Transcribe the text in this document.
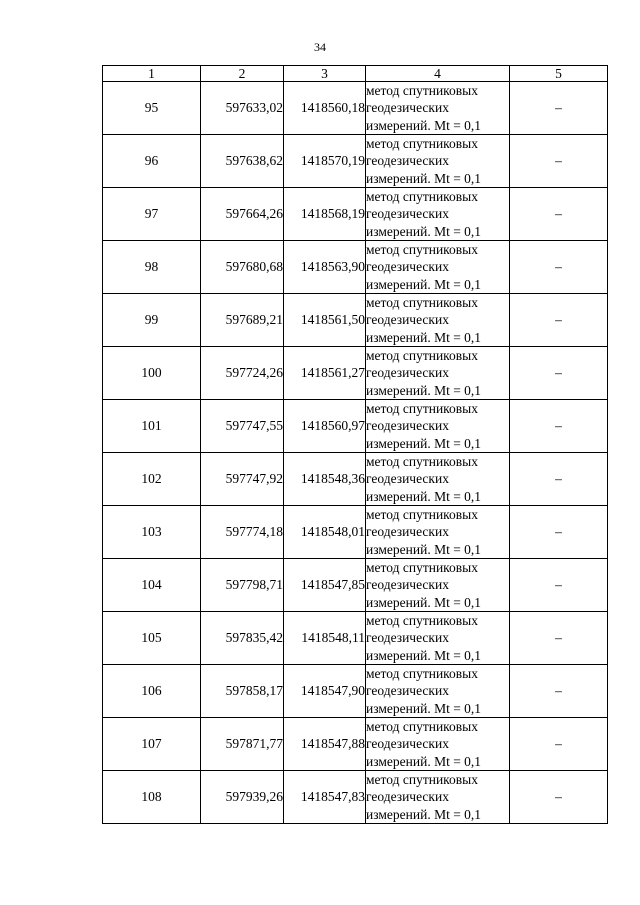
34
1	2	3	4	5
95	597633,02	1418560,18	метод спутниковых
геодезических
измерений. Mt = 0,1	–
96	597638,62	1418570,19	метод спутниковых
геодезических
измерений. Mt = 0,1	–
97	597664,26	1418568,19	метод спутниковых
геодезических
измерений. Mt = 0,1	–
98	597680,68	1418563,90	метод спутниковых
геодезических
измерений. Mt = 0,1	–
99	597689,21	1418561,50	метод спутниковых
геодезических
измерений. Mt = 0,1	–
100	597724,26	1418561,27	метод спутниковых
геодезических
измерений. Mt = 0,1	–
101	597747,55	1418560,97	метод спутниковых
геодезических
измерений. Mt = 0,1	–
102	597747,92	1418548,36	метод спутниковых
геодезических
измерений. Mt = 0,1	–
103	597774,18	1418548,01	метод спутниковых
геодезических
измерений. Mt = 0,1	–
104	597798,71	1418547,85	метод спутниковых
геодезических
измерений. Mt = 0,1	–
105	597835,42	1418548,11	метод спутниковых
геодезических
измерений. Mt = 0,1	–
106	597858,17	1418547,90	метод спутниковых
геодезических
измерений. Mt = 0,1	–
107	597871,77	1418547,88	метод спутниковых
геодезических
измерений. Mt = 0,1	–
108	597939,26	1418547,83	метод спутниковых
геодезических
измерений. Mt = 0,1	–
